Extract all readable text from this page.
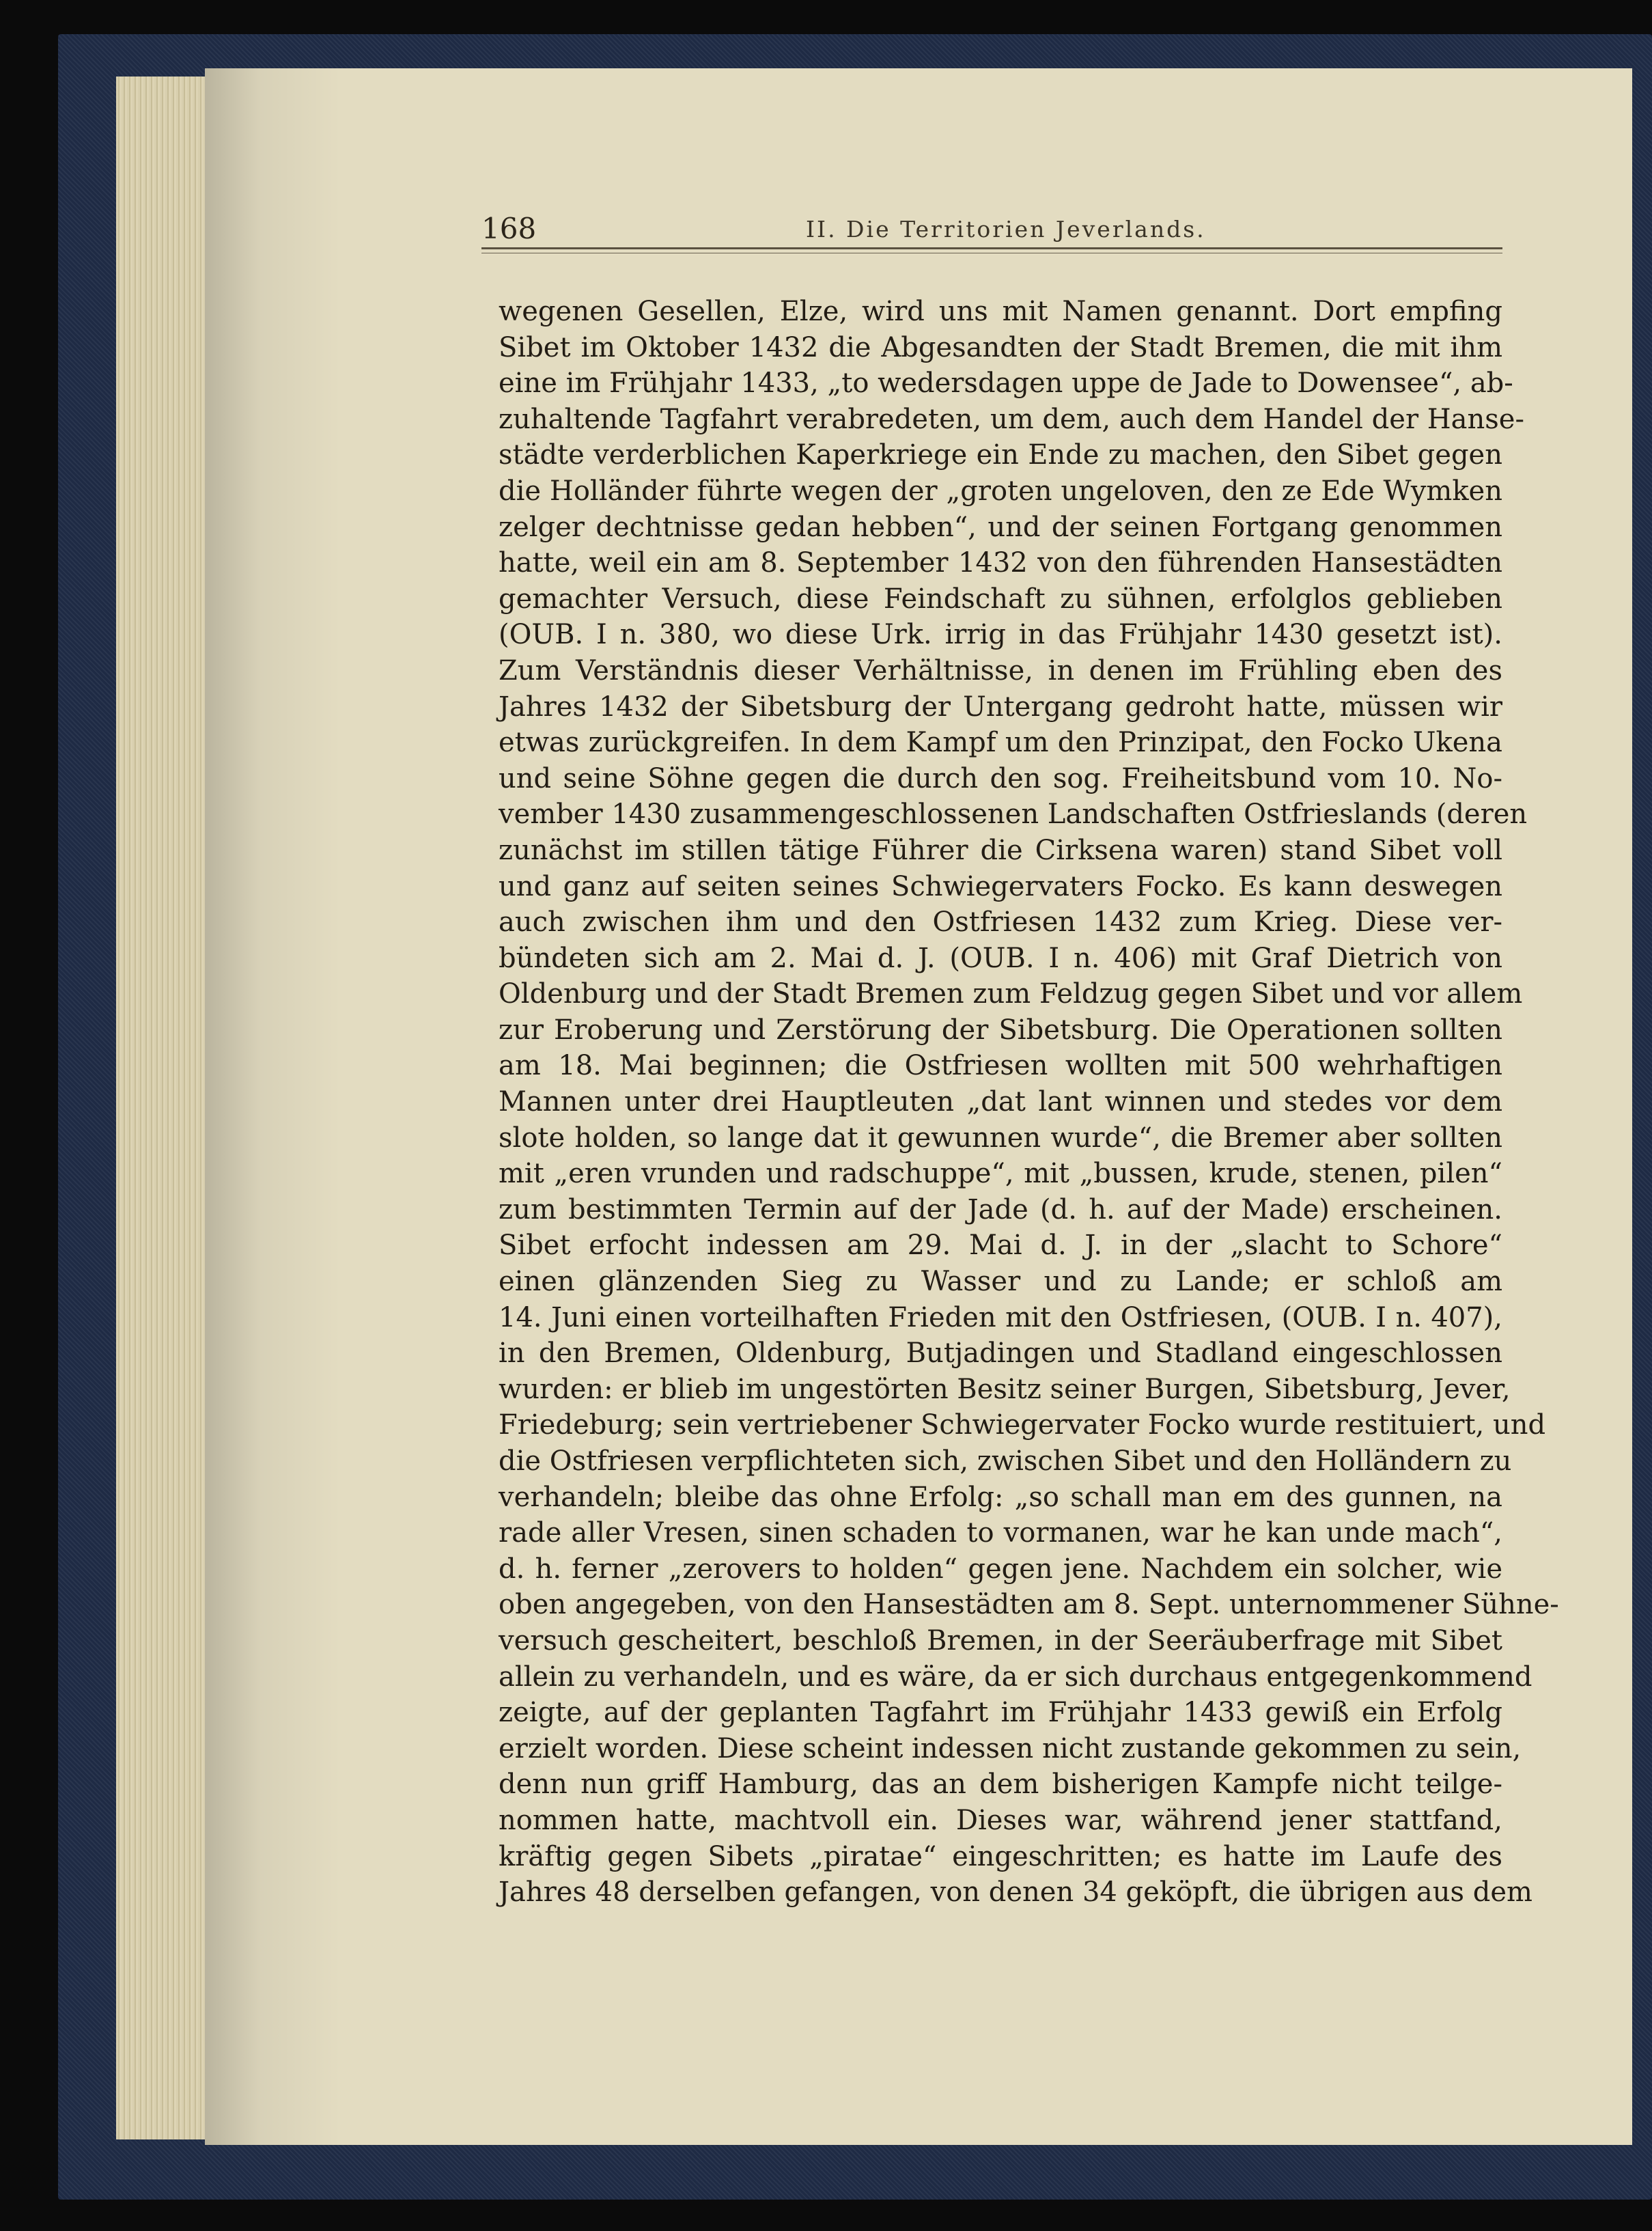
168	II. Die Territorien Jeverlands.
wegenen Gesellen, Elze, wird uns mit Namen genannt. Dort empfing
Sibet im Oktober 1432 die Abgesandten der Stadt Bremen, die mit ihm
eine im Frühjahr 1433, „to wedersdagen uppe de Jade to Dowensee“, ab-
zuhaltende Tagfahrt verabredeten, um dem, auch dem Handel der Hanse-
städte verderblichen Kaperkriege ein Ende zu machen, den Sibet gegen
die Holländer führte wegen der „groten ungeloven, den ze Ede Wymken
zelger dechtnisse gedan hebben“, und der seinen Fortgang genommen
hatte, weil ein am 8. September 1432 von den führenden Hansestädten
gemachter Versuch, diese Feindschaft zu sühnen, erfolglos geblieben
(OUB. I n. 380, wo diese Urk. irrig in das Frühjahr 1430 gesetzt ist).
Zum Verständnis dieser Verhältnisse, in denen im Frühling eben des
Jahres 1432 der Sibetsburg der Untergang gedroht hatte, müssen wir
etwas zurückgreifen. In dem Kampf um den Prinzipat, den Focko Ukena
und seine Söhne gegen die durch den sog. Freiheitsbund vom 10. No-
vember 1430 zusammengeschlossenen Landschaften Ostfrieslands (deren
zunächst im stillen tätige Führer die Cirksena waren) stand Sibet voll
und ganz auf seiten seines Schwiegervaters Focko. Es kann deswegen
auch zwischen ihm und den Ostfriesen 1432 zum Krieg. Diese ver-
bündeten sich am 2. Mai d. J. (OUB. I n. 406) mit Graf Dietrich von
Oldenburg und der Stadt Bremen zum Feldzug gegen Sibet und vor allem
zur Eroberung und Zerstörung der Sibetsburg. Die Operationen sollten
am 18. Mai beginnen; die Ostfriesen wollten mit 500 wehrhaftigen
Mannen unter drei Hauptleuten „dat lant winnen und stedes vor dem
slote holden, so lange dat it gewunnen wurde“, die Bremer aber sollten
mit „eren vrunden und radschuppe“, mit „bussen, krude, stenen, pilen“
zum bestimmten Termin auf der Jade (d. h. auf der Made) erscheinen.
Sibet erfocht indessen am 29. Mai d. J. in der „slacht to Schore“
einen glänzenden Sieg zu Wasser und zu Lande; er schloß am
14. Juni einen vorteilhaften Frieden mit den Ostfriesen, (OUB. I n. 407),
in den Bremen, Oldenburg, Butjadingen und Stadland eingeschlossen
wurden: er blieb im ungestörten Besitz seiner Burgen, Sibetsburg, Jever,
Friedeburg; sein vertriebener Schwiegervater Focko wurde restituiert, und
die Ostfriesen verpflichteten sich, zwischen Sibet und den Holländern zu
verhandeln; bleibe das ohne Erfolg: „so schall man em des gunnen, na
rade aller Vresen, sinen schaden to vormanen, war he kan unde mach“,
d. h. ferner „zerovers to holden“ gegen jene. Nachdem ein solcher, wie
oben angegeben, von den Hansestädten am 8. Sept. unternommener Sühne-
versuch gescheitert, beschloß Bremen, in der Seeräuberfrage mit Sibet
allein zu verhandeln, und es wäre, da er sich durchaus entgegenkommend
zeigte, auf der geplanten Tagfahrt im Frühjahr 1433 gewiß ein Erfolg
erzielt worden. Diese scheint indessen nicht zustande gekommen zu sein,
denn nun griff Hamburg, das an dem bisherigen Kampfe nicht teilge-
nommen hatte, machtvoll ein. Dieses war, während jener stattfand,
kräftig gegen Sibets „piratae“ eingeschritten; es hatte im Laufe des
Jahres 48 derselben gefangen, von denen 34 geköpft, die übrigen aus dem
